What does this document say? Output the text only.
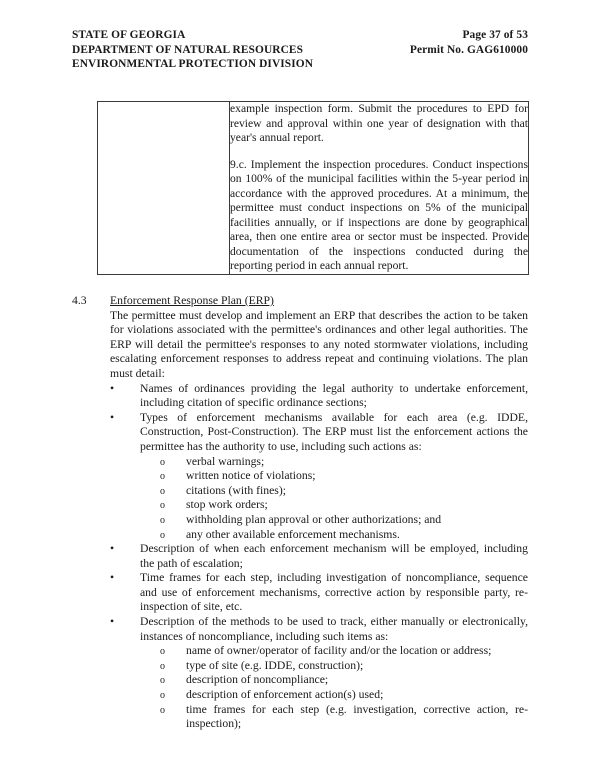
STATE OF GEORGIA
DEPARTMENT OF NATURAL RESOURCES
ENVIRONMENTAL PROTECTION DIVISION
Page 37 of 53
Permit No. GAG610000

example inspection form. Submit the procedures to EPD for review and approval within one year of designation with that year's annual report.

9.c. Implement the inspection procedures. Conduct inspections on 100% of the municipal facilities within the 5-year period in accordance with the approved procedures. At a minimum, the permittee must conduct inspections on 5% of the municipal facilities annually, or if inspections are done by geographical area, then one entire area or sector must be inspected. Provide documentation of the inspections conducted during the reporting period in each annual report.

4.3	Enforcement Response Plan (ERP)

The permittee must develop and implement an ERP that describes the action to be taken for violations associated with the permittee's ordinances and other legal authorities. The ERP will detail the permittee's responses to any noted stormwater violations, including escalating enforcement responses to address repeat and continuing violations. The plan must detail:

•	Names of ordinances providing the legal authority to undertake enforcement, including citation of specific ordinance sections;
•	Types of enforcement mechanisms available for each area (e.g. IDDE, Construction, Post-Construction). The ERP must list the enforcement actions the permittee has the authority to use, including such actions as:
o verbal warnings;
o written notice of violations;
o citations (with fines);
o stop work orders;
o withholding plan approval or other authorizations; and
o any other available enforcement mechanisms.
•	Description of when each enforcement mechanism will be employed, including the path of escalation;
•	Time frames for each step, including investigation of noncompliance, sequence and use of enforcement mechanisms, corrective action by responsible party, re-inspection of site, etc.
•	Description of the methods to be used to track, either manually or electronically, instances of noncompliance, including such items as:
o name of owner/operator of facility and/or the location or address;
o type of site (e.g. IDDE, construction);
o description of noncompliance;
o description of enforcement action(s) used;
o time frames for each step (e.g. investigation, corrective action, re-inspection);
